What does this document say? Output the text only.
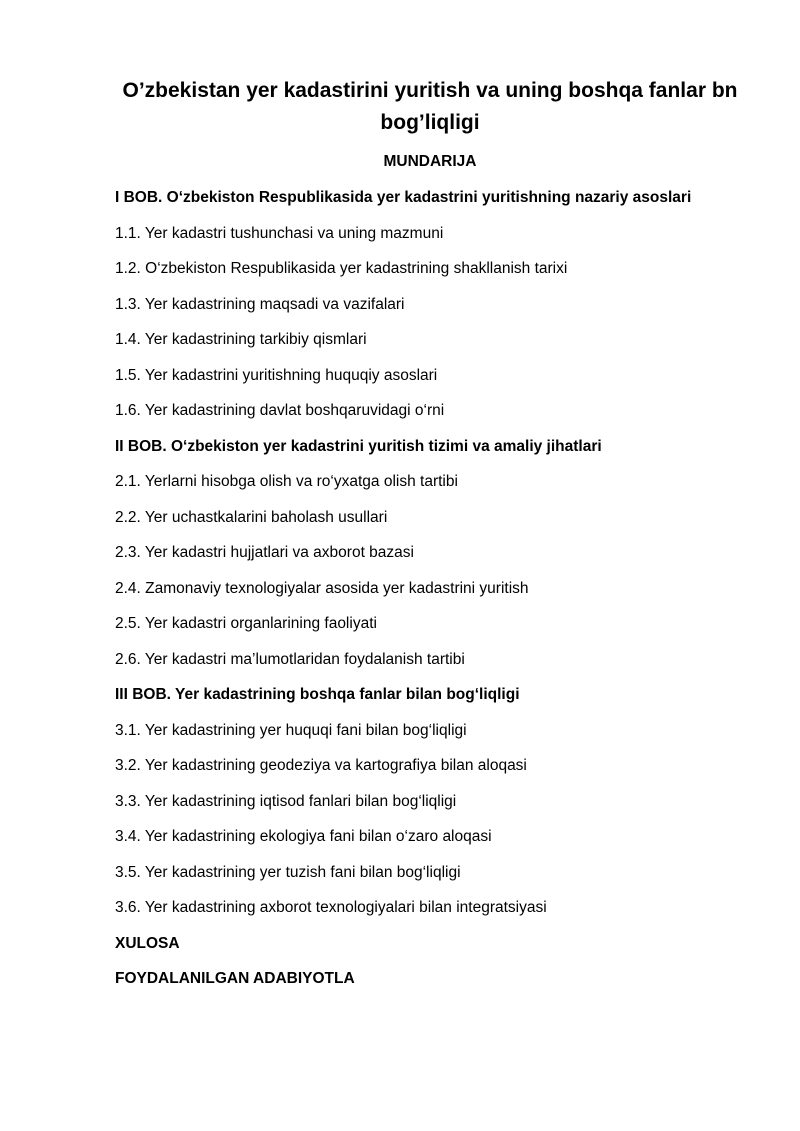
O’zbekistan yer kadastirini yuritish va uning boshqa fanlar bn bog’liqligi
MUNDARIJA
I BOB. O‘zbekiston Respublikasida yer kadastrini yuritishning nazariy asoslari
1.1. Yer kadastri tushunchasi va uning mazmuni
1.2. O‘zbekiston Respublikasida yer kadastrining shakllanish tarixi
1.3. Yer kadastrining maqsadi va vazifalari
1.4. Yer kadastrining tarkibiy qismlari
1.5. Yer kadastrini yuritishning huquqiy asoslari
1.6. Yer kadastrining davlat boshqaruvidagi o‘rni
II BOB. O‘zbekiston yer kadastrini yuritish tizimi va amaliy jihatlari
2.1. Yerlarni hisobga olish va ro‘yxatga olish tartibi
2.2. Yer uchastkalarini baholash usullari
2.3. Yer kadastri hujjatlari va axborot bazasi
2.4. Zamonaviy texnologiyalar asosida yer kadastrini yuritish
2.5. Yer kadastri organlarining faoliyati
2.6. Yer kadastri ma’lumotlaridan foydalanish tartibi
III BOB. Yer kadastrining boshqa fanlar bilan bog‘liqligi
3.1. Yer kadastrining yer huquqi fani bilan bog‘liqligi
3.2. Yer kadastrining geodeziya va kartografiya bilan aloqasi
3.3. Yer kadastrining iqtisod fanlari bilan bog‘liqligi
3.4. Yer kadastrining ekologiya fani bilan o‘zaro aloqasi
3.5. Yer kadastrining yer tuzish fani bilan bog‘liqligi
3.6. Yer kadastrining axborot texnologiyalari bilan integratsiyasi
XULOSA
FOYDALANILGAN ADABIYOTLA
